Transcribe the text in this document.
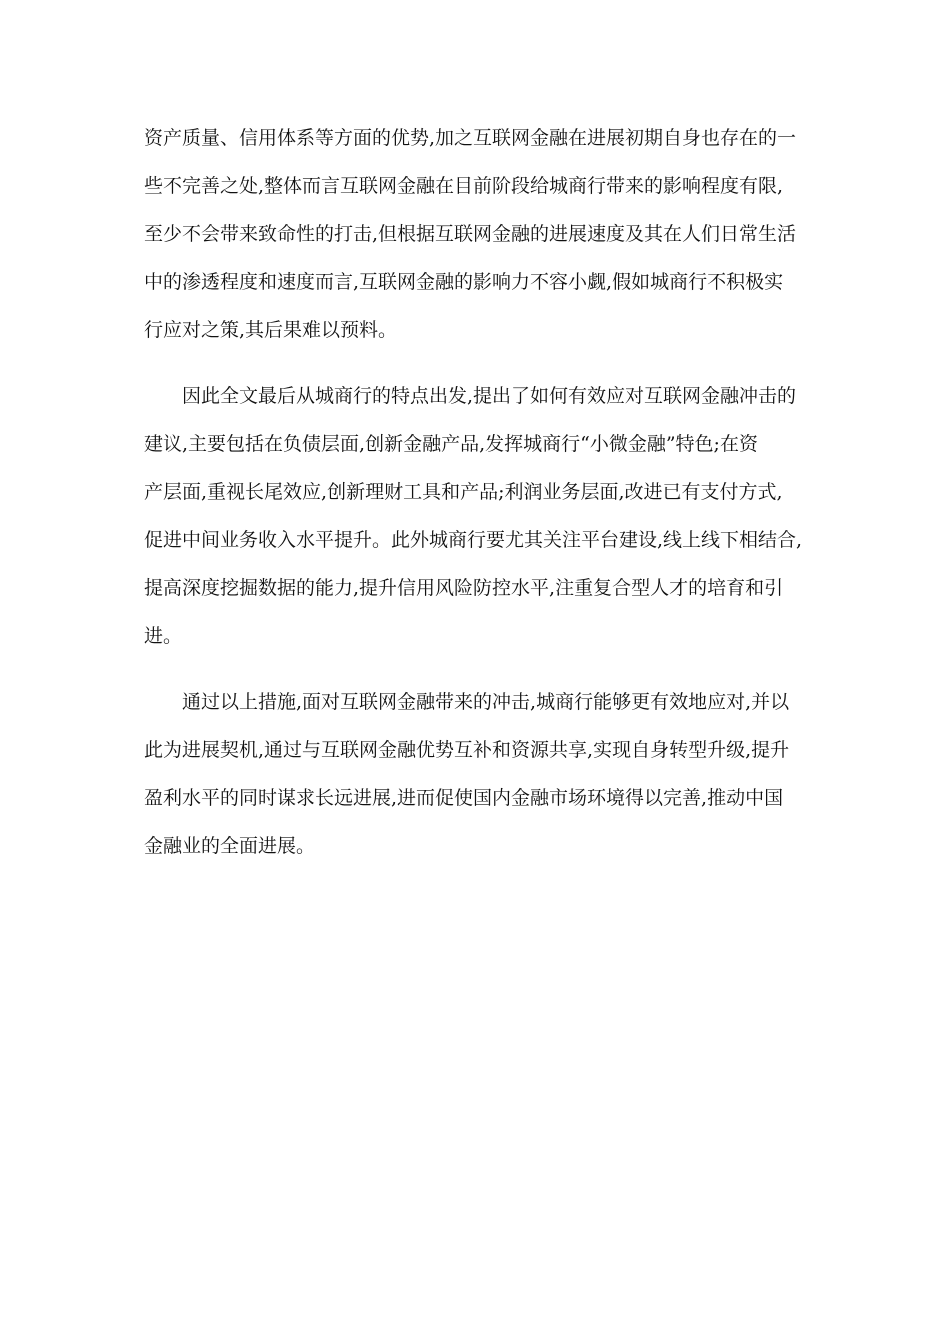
资产质量、信用体系等方面的优势,加之互联网金融在进展初期自身也存在的一
些不完善之处,整体而言互联网金融在目前阶段给城商行带来的影响程度有限,
至少不会带来致命性的打击,但根据互联网金融的进展速度及其在人们日常生活
中的渗透程度和速度而言,互联网金融的影响力不容小觑,假如城商行不积极实
行应对之策,其后果难以预料。
因此全文最后从城商行的特点出发,提出了如何有效应对互联网金融冲击的
建议,主要包括在负债层面,创新金融产品,发挥城商行“小微金融”特色;在资
产层面,重视长尾效应,创新理财工具和产品;利润业务层面,改进已有支付方式,
促进中间业务收入水平提升。此外城商行要尤其关注平台建设,线上线下相结合,
提高深度挖掘数据的能力,提升信用风险防控水平,注重复合型人才的培育和引
进。
通过以上措施,面对互联网金融带来的冲击,城商行能够更有效地应对,并以
此为进展契机,通过与互联网金融优势互补和资源共享,实现自身转型升级,提升
盈利水平的同时谋求长远进展,进而促使国内金融市场环境得以完善,推动中国
金融业的全面进展。
